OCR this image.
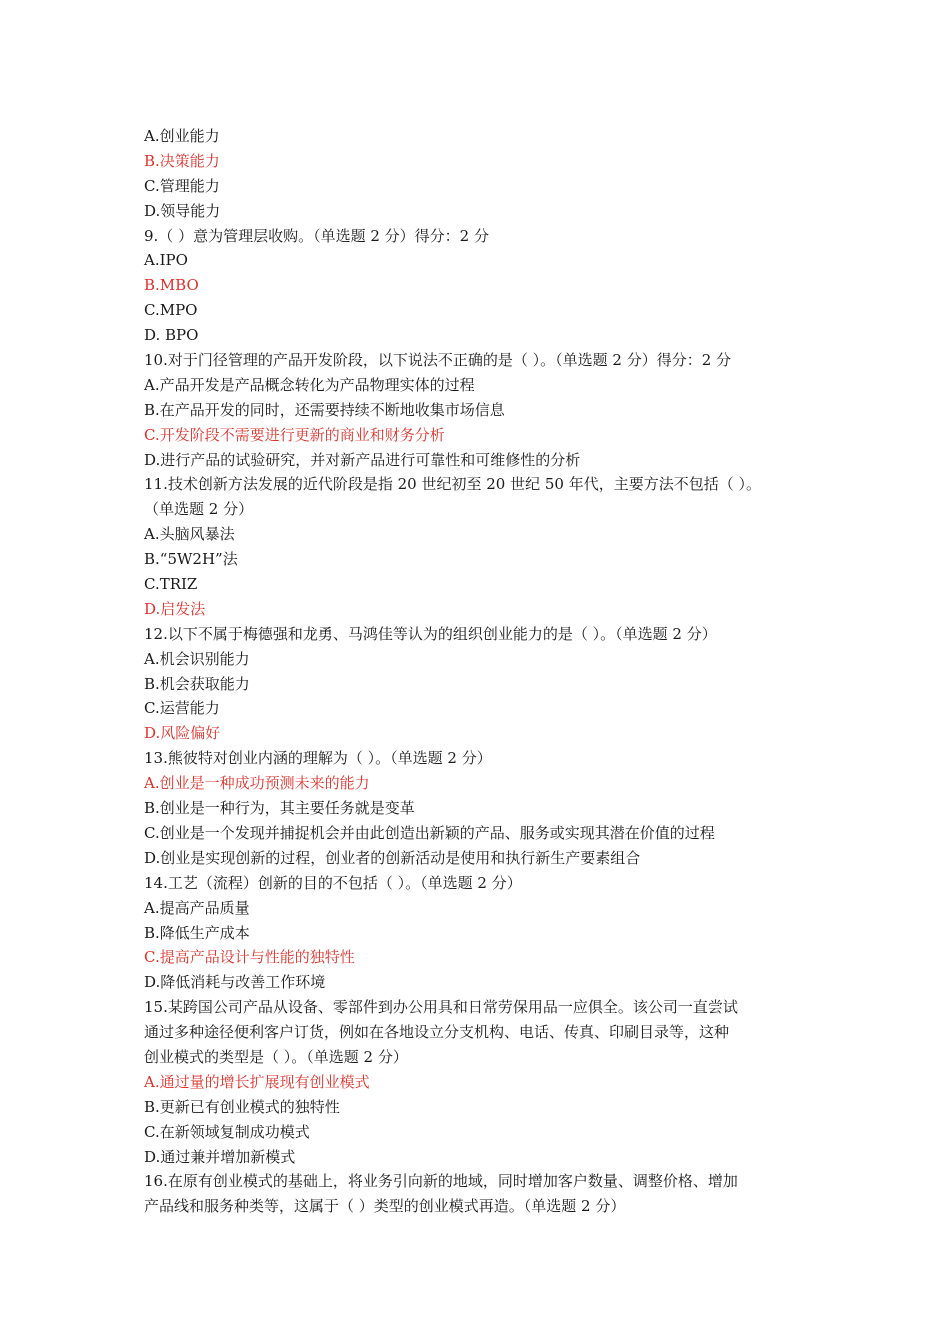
A.创业能力
B.决策能力
C.管理能力
D.领导能力
9.（ ）意为管理层收购。（单选题 2 分）得分：2 分
A.IPO
B.MBO
C.MPO
D. BPO
10.对于门径管理的产品开发阶段，以下说法不正确的是（ ）。（单选题 2 分）得分：2 分
A.产品开发是产品概念转化为产品物理实体的过程
B.在产品开发的同时，还需要持续不断地收集市场信息
C.开发阶段不需要进行更新的商业和财务分析
D.进行产品的试验研究，并对新产品进行可靠性和可维修性的分析
11.技术创新方法发展的近代阶段是指 20 世纪初至 20 世纪 50 年代，主要方法不包括（ ）。
（单选题 2 分）
A.头脑风暴法
B.“5W2H”法
C.TRIZ
D.启发法
12.以下不属于梅德强和龙勇、马鸿佳等认为的组织创业能力的是（ ）。（单选题 2 分）
A.机会识别能力
B.机会获取能力
C.运营能力
D.风险偏好
13.熊彼特对创业内涵的理解为（ ）。（单选题 2 分）
A.创业是一种成功预测未来的能力
B.创业是一种行为，其主要任务就是变革
C.创业是一个发现并捕捉机会并由此创造出新颖的产品、服务或实现其潜在价值的过程
D.创业是实现创新的过程，创业者的创新活动是使用和执行新生产要素组合
14.工艺（流程）创新的目的不包括（ ）。（单选题 2 分）
A.提高产品质量
B.降低生产成本
C.提高产品设计与性能的独特性
D.降低消耗与改善工作环境
15.某跨国公司产品从设备、零部件到办公用具和日常劳保用品一应俱全。该公司一直尝试
通过多种途径便利客户订货，例如在各地设立分支机构、电话、传真、印刷目录等，这种
创业模式的类型是（ ）。（单选题 2 分）
A.通过量的增长扩展现有创业模式
B.更新已有创业模式的独特性
C.在新领域复制成功模式
D.通过兼并增加新模式
16.在原有创业模式的基础上，将业务引向新的地域，同时增加客户数量、调整价格、增加
产品线和服务种类等，这属于（ ）类型的创业模式再造。（单选题 2 分）
